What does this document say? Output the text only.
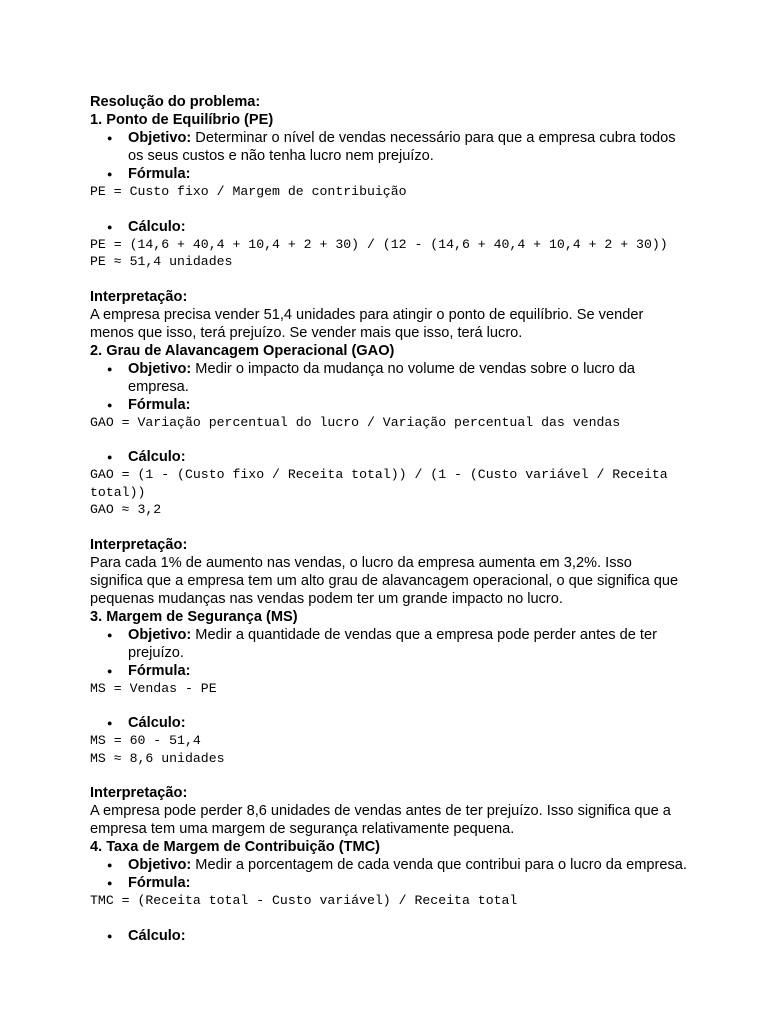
Resolução do problema:

1. Ponto de Equilíbrio (PE)

● Objetivo: Determinar o nível de vendas necessário para que a empresa cubra todos os seus custos e não tenha lucro nem prejuízo.
● Fórmula:

PE = Custo fixo / Margem de contribuição

● Cálculo:

PE = (14,6 + 40,4 + 10,4 + 2 + 30) / (12 - (14,6 + 40,4 + 10,4 + 2 + 30))

PE ≈ 51,4 unidades

Interpretação:

A empresa precisa vender 51,4 unidades para atingir o ponto de equilíbrio. Se vender menos que isso, terá prejuízo. Se vender mais que isso, terá lucro.

2. Grau de Alavancagem Operacional (GAO)

● Objetivo: Medir o impacto da mudança no volume de vendas sobre o lucro da empresa.
● Fórmula:

GAO = Variação percentual do lucro / Variação percentual das vendas

● Cálculo:

GAO = (1 - (Custo fixo / Receita total)) / (1 - (Custo variável / Receita total))

GAO ≈ 3,2

Interpretação:

Para cada 1% de aumento nas vendas, o lucro da empresa aumenta em 3,2%. Isso significa que a empresa tem um alto grau de alavancagem operacional, o que significa que pequenas mudanças nas vendas podem ter um grande impacto no lucro.

3. Margem de Segurança (MS)

● Objetivo: Medir a quantidade de vendas que a empresa pode perder antes de ter prejuízo.
● Fórmula:

MS = Vendas - PE

● Cálculo:

MS = 60 - 51,4

MS ≈ 8,6 unidades

Interpretação:

A empresa pode perder 8,6 unidades de vendas antes de ter prejuízo. Isso significa que a empresa tem uma margem de segurança relativamente pequena.

4. Taxa de Margem de Contribuição (TMC)

● Objetivo: Medir a porcentagem de cada venda que contribui para o lucro da empresa.
● Fórmula:

TMC = (Receita total - Custo variável) / Receita total

● Cálculo:
